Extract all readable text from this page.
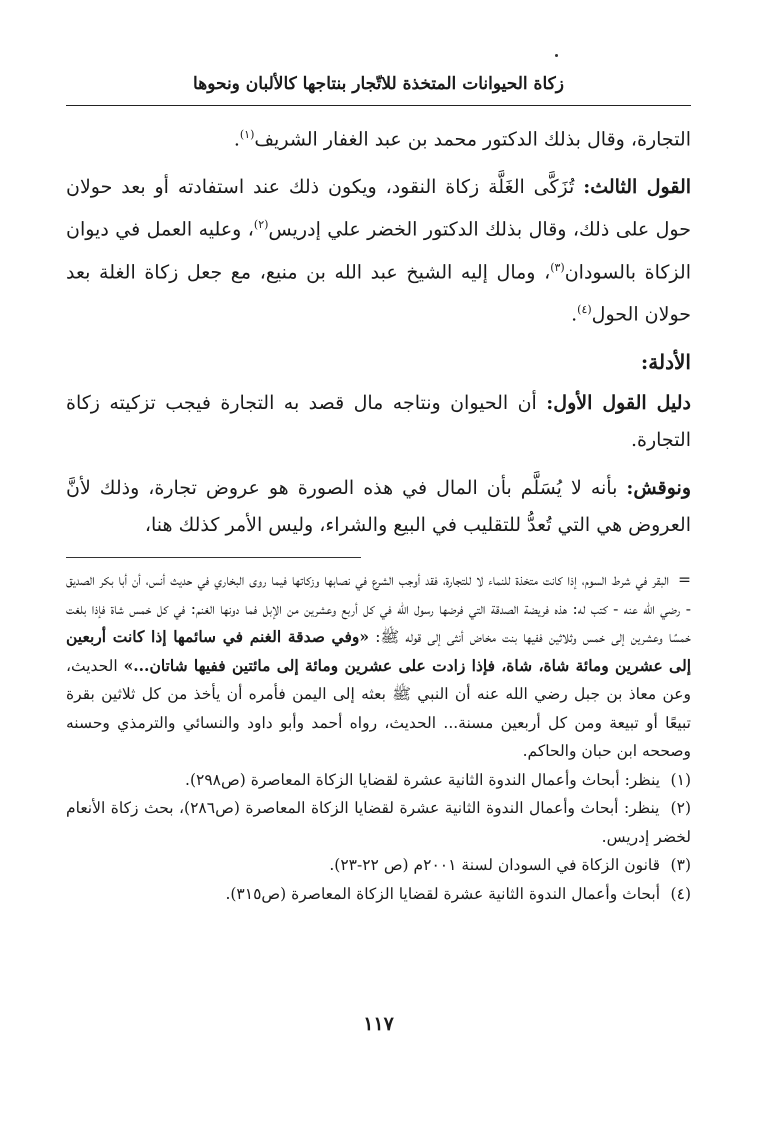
زكاة الحيوانات المتخذة للاتّجار بنتاجها كالألبان ونحوها

التجارة، وقال بذلك الدكتور محمد بن عبد الغفار الشريف$^{(١)}$.

القول الثالث: تُزَكَّى الغَلَّة زكاة النقود، ويكون ذلك عند استفادته أو بعد حولان حول على ذلك، وقال بذلك الدكتور الخضر علي إدريس$^{(٢)}$، وعليه العمل في ديوان الزكاة بالسودان$^{(٣)}$، ومال إليه الشيخ عبد الله بن منيع، مع جعل زكاة الغلة بعد حولان الحول$^{(٤)}$.

الأدلة:

دليل القول الأول: أن الحيوان ونتاجه مال قصد به التجارة فيجب تزكيته زكاة التجارة.

ونوقش: بأنه لا يُسَلَّم بأن المال في هذه الصورة هو عروض تجارة، وذلك لأنَّ العروض هي التي تُعدُّ للتقليب في البيع والشراء، وليس الأمر كذلك هنا،

=البقر في شرط السوم، إذا كانت متخذة للنماء لا للتجارة، فقد أوجب الشرع في نصابها وزكاتها فيما روى البخاري في حديث أنس، أن أبا بكر الصديق - رضي الله عنه - كتب له: هذه فريضة الصدقة التي فرضها رسول الله في كل أربع وعشرين من الإبل فما دونها الغنم: في كل خمس شاة فإذا بلغت خمسًا وعشرين إلى خمس وثلاثين ففيها بنت مخاض أنثى إلى قوله ﷺ: «وفي صدقة الغنم في سائمها إذا كانت أربعين إلى عشرين ومائة شاة، شاة، فإذا زادت على عشرين ومائة إلى مائتين ففيها شاتان...» الحديث، وعن معاذ بن جبل رضي الله عنه أن النبي ﷺ بعثه إلى اليمن فأمره أن يأخذ من كل ثلاثين بقرة تبيعًا أو تبيعة ومن كل أربعين مسنة... الحديث، رواه أحمد وأبو داود والنسائي والترمذي وحسنه وصححه ابن حبان والحاكم.

(١) ينظر: أبحاث وأعمال الندوة الثانية عشرة لقضايا الزكاة المعاصرة (ص٢٩٨).

(٢) ينظر: أبحاث وأعمال الندوة الثانية عشرة لقضايا الزكاة المعاصرة (ص٢٨٦)، بحث زكاة الأنعام لخضر إدريس.

(٣) قانون الزكاة في السودان لسنة ٢٠٠١م (ص ٢٢-٢٣).

(٤) أبحاث وأعمال الندوة الثانية عشرة لقضايا الزكاة المعاصرة (ص٣١٥).

١١٧
